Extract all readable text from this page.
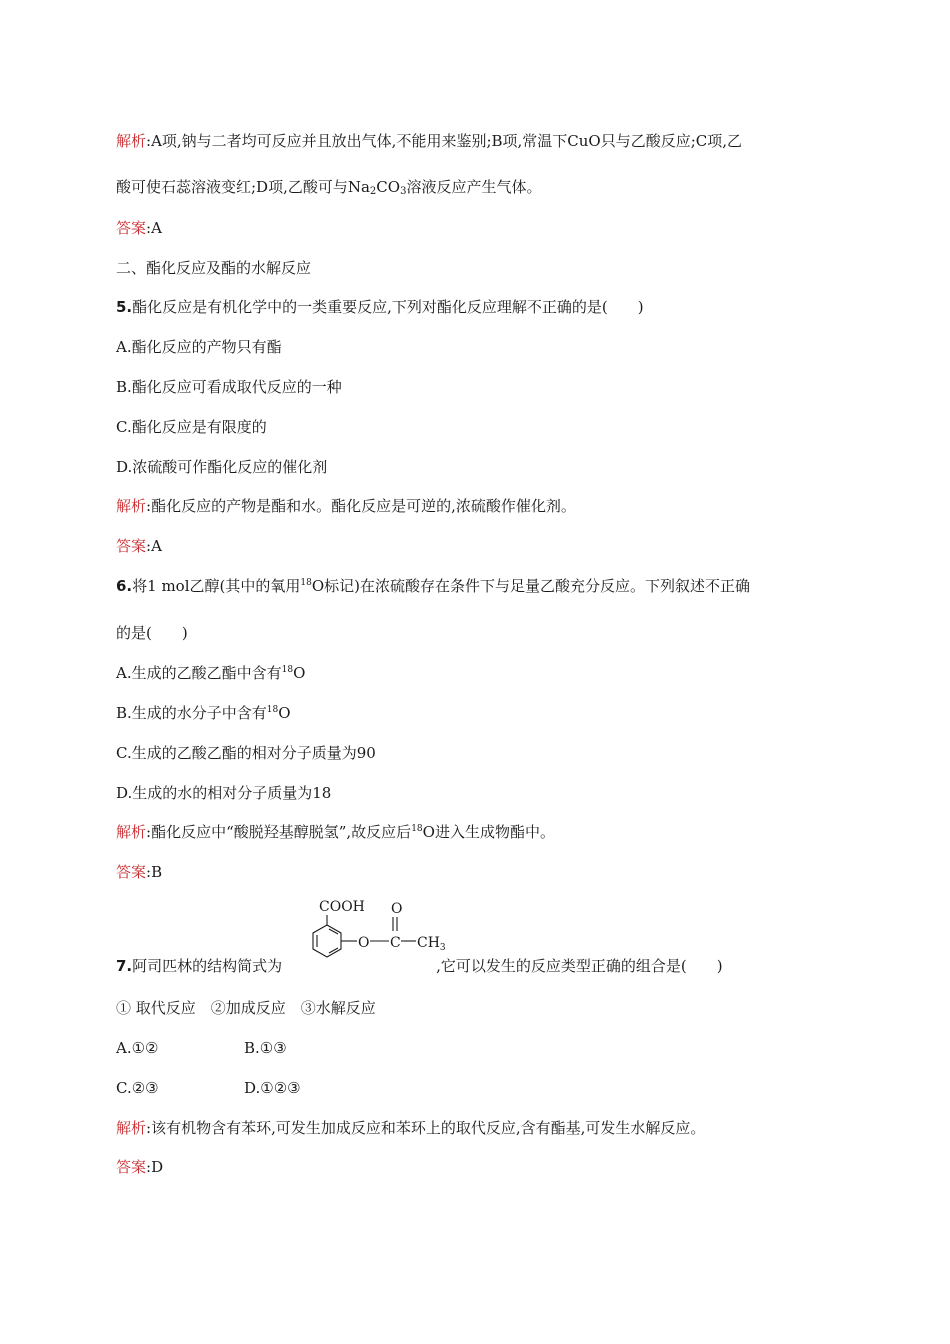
解析:A项,钠与二者均可反应并且放出气体,不能用来鉴别;B项,常温下CuO只与乙酸反应;C项,乙
酸可使石蕊溶液变红;D项,乙酸可与$Na_2CO_3$溶液反应产生气体。
答案:A
二、酯化反应及酯的水解反应
5.酯化反应是有机化学中的一类重要反应,下列对酯化反应理解不正确的是( )
A.酯化反应的产物只有酯
B.酯化反应可看成取代反应的一种
C.酯化反应是有限度的
D.浓硫酸可作酯化反应的催化剂
解析:酯化反应的产物是酯和水。酯化反应是可逆的,浓硫酸作催化剂。
答案:A
6.将1 mol乙醇(其中的氧用$^{18}$O标记)在浓硫酸存在条件下与足量乙酸充分反应。下列叙述不正确
的是( )
A.生成的乙酸乙酯中含有$^{18}$O
B.生成的水分子中含有$^{18}$O
C.生成的乙酸乙酯的相对分子质量为90
D.生成的水的相对分子质量为18
解析:酯化反应中“酸脱羟基醇脱氢”,故反应后$^{18}$O进入生成物酯中。
答案:B
COOH O
O C $CH_3$
7.阿司匹林的结构简式为	,它可以发生的反应类型正确的组合是( )
① 取代反应　②加成反应　③水解反应
A.①②	B.①③
C.②③	D.①②③
解析:该有机物含有苯环,可发生加成反应和苯环上的取代反应,含有酯基,可发生水解反应。
答案:D
